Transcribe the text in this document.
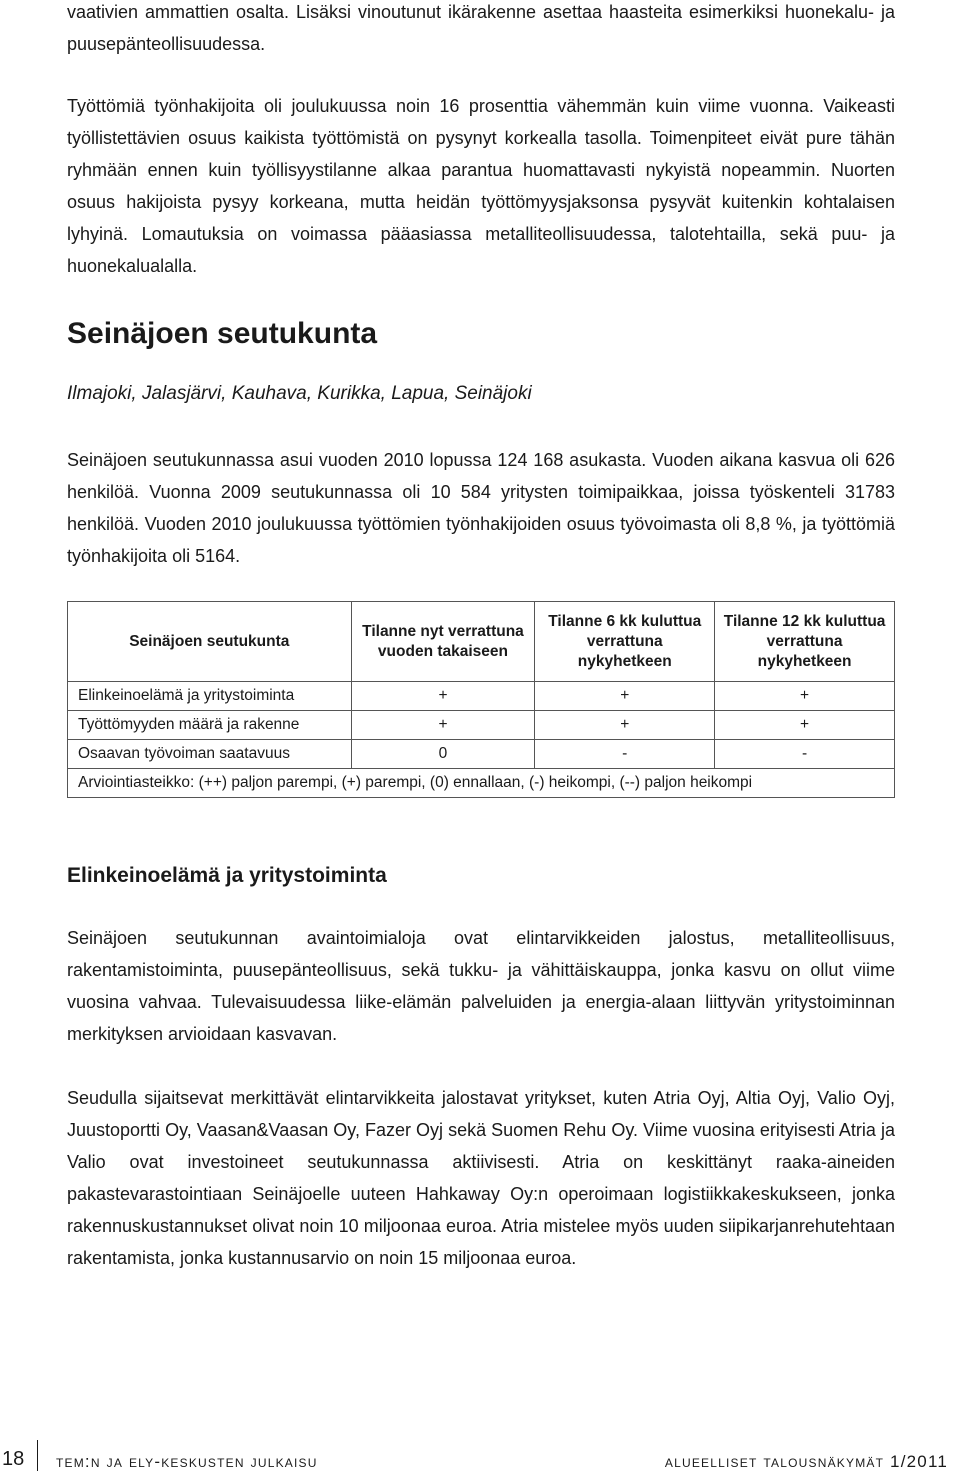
vaativien ammattien osalta. Lisäksi vinoutunut ikärakenne asettaa haasteita esimerkiksi huonekalu- ja puusepänteollisuudessa.

Työttömiä työnhakijoita oli joulukuussa noin 16 prosenttia vähemmän kuin viime vuonna. Vaikeasti työllistettävien osuus kaikista työttömistä on pysynyt korkealla tasolla. Toimenpiteet eivät pure tähän ryhmään ennen kuin työllisyystilanne alkaa parantua huomattavasti nykyistä nopeammin. Nuorten osuus hakijoista pysyy korkeana, mutta heidän työttömyysjaksonsa pysyvät kuitenkin kohtalaisen lyhyinä. Lomautuksia on voimassa pääasiassa metalliteollisuudessa, talotehtailla, sekä puu- ja huonekalualalla.

Seinäjoen seutukunta

Ilmajoki, Jalasjärvi, Kauhava, Kurikka, Lapua, Seinäjoki

Seinäjoen seutukunnassa asui vuoden 2010 lopussa 124 168 asukasta. Vuoden aikana kasvua oli 626 henkilöä. Vuonna 2009 seutukunnassa oli 10 584 yritysten toimipaikkaa, joissa työskenteli 31783 henkilöä. Vuoden 2010 joulukuussa työttömien työnhakijoiden osuus työvoimasta oli 8,8 %, ja työttömiä työnhakijoita oli 5164.

Elinkeinoelämä ja yritystoiminta

Seinäjoen seutukunnan avaintoimialoja ovat elintarvikkeiden jalostus, metalliteollisuus, rakentamistoiminta, puusepänteollisuus, sekä tukku- ja vähittäiskauppa, jonka kasvu on ollut viime vuosina vahvaa. Tulevaisuudessa liike-elämän palveluiden ja energia-alaan liittyvän yritystoiminnan merkityksen arvioidaan kasvavan.

Seudulla sijaitsevat merkittävät elintarvikkeita jalostavat yritykset, kuten Atria Oyj, Altia Oyj, Valio Oyj, Juustoportti Oy, Vaasan&Vaasan Oy, Fazer Oyj sekä Suomen Rehu Oy. Viime vuosina erityisesti Atria ja Valio ovat investoineet seutukunnassa aktiivisesti. Atria on keskittänyt raaka-aineiden pakastevarastointiaan Seinäjoelle uuteen Hahkaway Oy:n operoimaan logistiikkakeskukseen, jonka rakennuskustannukset olivat noin 10 miljoonaa euroa. Atria mistelee myös uuden siipikarjanrehutehtaan rakentamista, jonka kustannusarvio on noin 15 miljoonaa euroa.

Seinäjoen seutukunta	Tilanne nyt verrattuna vuoden takaiseen	Tilanne 6 kk kuluttua verrattuna nykyhetkeen	Tilanne 12 kk kuluttua verrattuna nykyhetkeen
Elinkeinoelämä ja yritystoiminta	+	+	+
Työttömyyden määrä ja rakenne	+	+	+
Osaavan työvoiman saatavuus	0	-	-
Arviointiasteikko: (++) paljon parempi, (+) parempi, (0) ennallaan, (-) heikompi, (--) paljon heikompi			
18 tem:n ja ely-keskusten julkaisu	alueelliset talousnäkymät 1/2011
